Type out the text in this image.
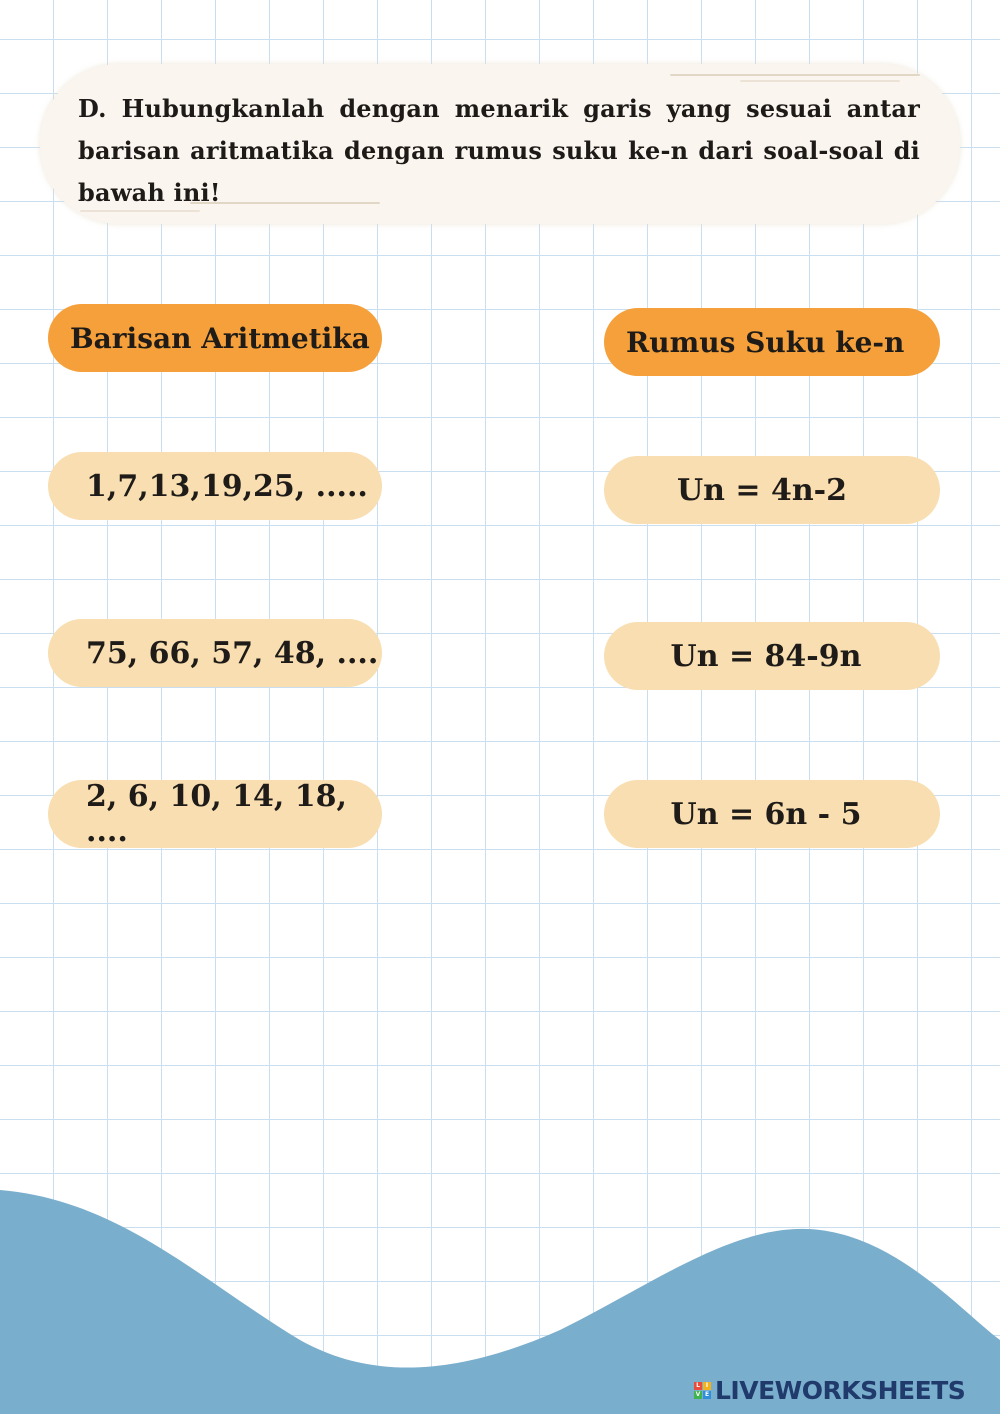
D. Hubungkanlah dengan menarik garis yang sesuai antar barisan aritmatika dengan rumus suku ke-n dari soal-soal di bawah ini!
Barisan Aritmetika	Rumus Suku ke-n
1,7,13,19,25, .....
75, 66, 57, 48, ....
2, 6, 10, 14, 18, ....
Un = 4n-2
Un = 84-9n
Un = 6n - 5
L I
V E LIVEWORKSHEETS
